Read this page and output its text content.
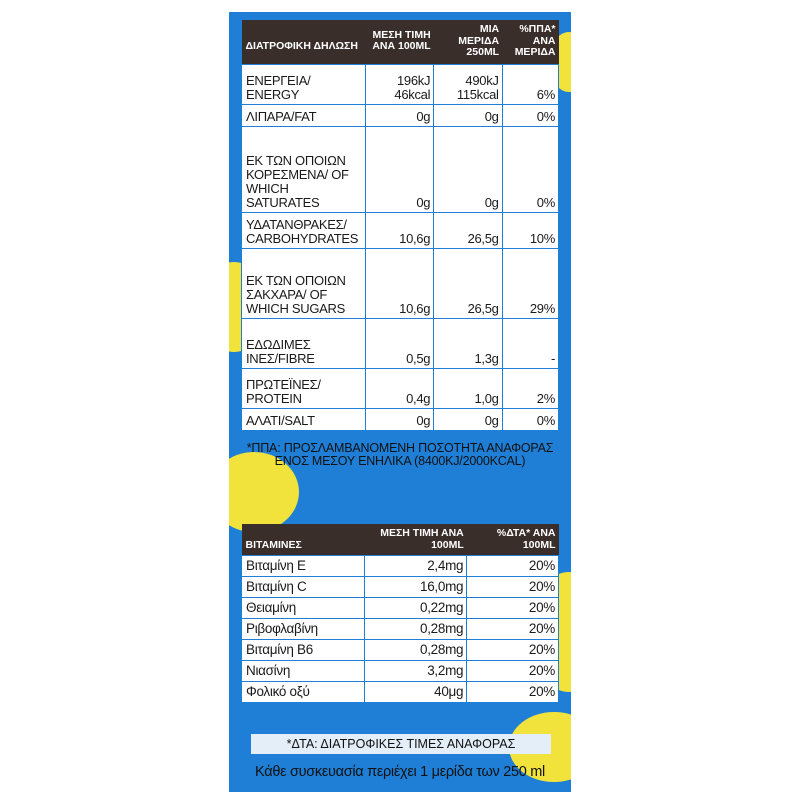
ΔΙΑΤΡΟΦΙΚΗ ΔΗΛΩΣΗ	ΜΕΣΗ ΤΙΜΗ ΑΝΑ 100ML	ΜΙΑ ΜΕΡΙΔΑ 250ML	%ΠΠΑ* ΑΝΑ ΜΕΡΙΔΑ
ΕΝΕΡΓΕΙΑ/ ENERGY	196kJ 46kcal	490kJ 115kcal	6%
ΛΙΠΑΡΑ/FAT	0g	0g	0%
ΕΚ ΤΩΝ ΟΠΟΙΩΝ ΚΟΡΕΣΜΕΝΑ/ OF WHICH SATURATES	0g	0g	0%
ΥΔΑΤΑΝΘΡΑΚΕΣ/ CARBOHYDRATES	10,6g	26,5g	10%
ΕΚ ΤΩΝ ΟΠΟΙΩΝ ΣΑΚΧΑΡΑ/ OF WHICH SUGARS	10,6g	26,5g	29%
ΕΔΩΔΙΜΕΣ ΙΝΕΣ/FIBRE	0,5g	1,3g	-
ΠΡΩΤΕΪΝΕΣ/ PROTEIN	0,4g	1,0g	2%
ΑΛΑΤΙ/SALT	0g	0g	0%
*ΠΠΑ: ΠΡΟΣΛΑΜΒΑΝΟΜΕΝΗ ΠΟΣΟΤΗΤΑ ΑΝΑΦΟΡΑΣ ΕΝΟΣ ΜΕΣΟΥ ΕΝΗΛΙΚΑ (8400KJ/2000KCAL)
ΒΙΤΑΜΙΝΕΣ	ΜΕΣΗ ΤΙΜΗ ΑΝΑ 100ML	%ΔΤΑ* ΑΝΑ 100ML
Βιταμίνη E	2,4mg	20%
Βιταμίνη C	16,0mg	20%
Θειαμίνη	0,22mg	20%
Ριβοφλαβίνη	0,28mg	20%
Βιταμίνη B6	0,28mg	20%
Νιασίνη	3,2mg	20%
Φολικό οξύ	40μg	20%
*ΔΤΑ: ΔΙΑΤΡΟΦΙΚΕΣ ΤΙΜΕΣ ΑΝΑΦΟΡΑΣ
Κάθε συσκευασία περιέχει 1 μερίδα των 250 ml
